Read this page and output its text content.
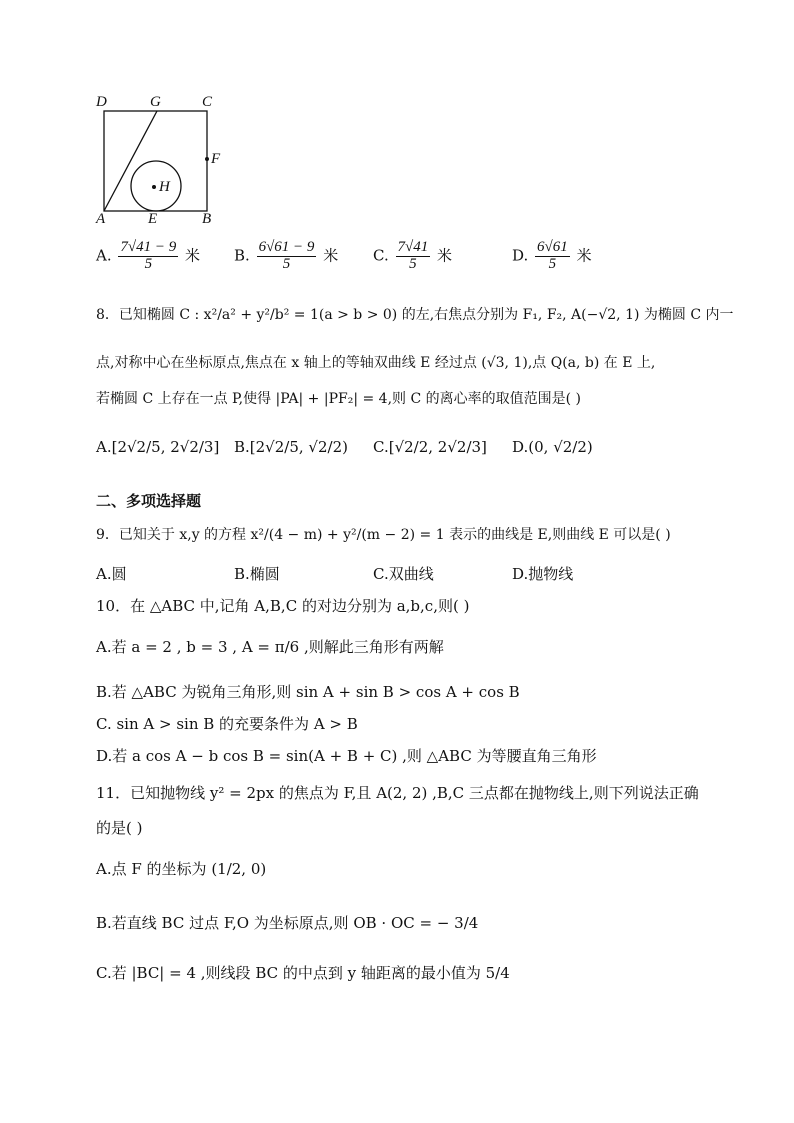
D	G	C
F
H
A	E	B
A. $\frac{7√41 - 9}{5}$ 米 B. $\frac{6√61 - 9}{5}$ 米 C. $\frac{7√41}{5}$ 米	D. $\frac{6√61}{5}$ 米
8．已知椭圆 C : x²/a² + y²/b² = 1(a > b > 0) 的左,右焦点分别为 F₁, F₂, A(−√2, 1) 为椭圆 C 内一
点,对称中心在坐标原点,焦点在 x 轴上的等轴双曲线 E 经过点 (√3, 1),点 Q(a, b) 在 E 上,
若椭圆 C 上存在一点 P,使得 |PA| + |PF₂| = 4,则 C 的离心率的取值范围是( )
A.[2√2/5, 2√2/3] B.[2√2/5, √2/2) C.[√2/2, 2√2/3] D.(0, √2/2)
二、多项选择题
9．已知关于 x,y 的方程 x²/(4 − m) + y²/(m − 2) = 1 表示的曲线是 E,则曲线 E 可以是( )
A.圆	B.椭圆	C.双曲线	D.抛物线
10．在 △ABC 中,记角 A,B,C 的对边分别为 a,b,c,则( )
A.若 a = 2 , b = 3 , A = π/6 ,则解此三角形有两解
B.若 △ABC 为锐角三角形,则 sin A + sin B > cos A + cos B
C. sin A > sin B 的充要条件为 A > B
D.若 a cos A − b cos B = sin(A + B + C) ,则 △ABC 为等腰直角三角形
11．已知抛物线 y² = 2px 的焦点为 F,且 A(2, 2) ,B,C 三点都在抛物线上,则下列说法正确
的是( )
A.点 F 的坐标为 (1/2, 0)
B.若直线 BC 过点 F,O 为坐标原点,则 OB · OC = − 3/4
C.若 |BC| = 4 ,则线段 BC 的中点到 y 轴距离的最小值为 5/4
